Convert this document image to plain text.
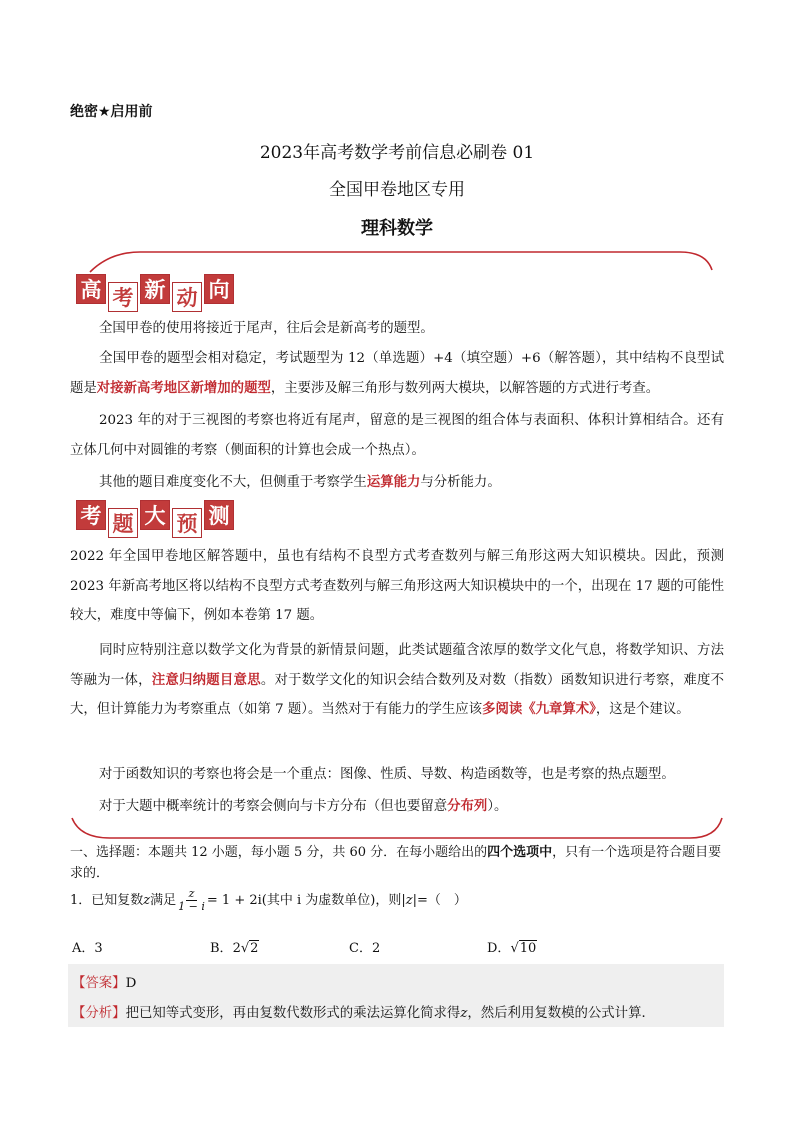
绝密★启用前
2023年高考数学考前信息必刷卷 01
全国甲卷地区专用
理科数学
高 考 新 动 向
全国甲卷的使用将接近于尾声，往后会是新高考的题型。
全国甲卷的题型会相对稳定，考试题型为 12（单选题）+4（填空题）+6（解答题），其中结构不良型试题是对接新高考地区新增加的题型，主要涉及解三角形与数列两大模块，以解答题的方式进行考查。
2023 年的对于三视图的考察也将近有尾声，留意的是三视图的组合体与表面积、体积计算相结合。还有立体几何中对圆锥的考察（侧面积的计算也会成一个热点）。
其他的题目难度变化不大，但侧重于考察学生运算能力与分析能力。
考 题 大 预 测
2022 年全国甲卷地区解答题中，虽也有结构不良型方式考查数列与解三角形这两大知识模块。因此，预测 2023 年新高考地区将以结构不良型方式考查数列与解三角形这两大知识模块中的一个，出现在 17 题的可能性较大，难度中等偏下，例如本卷第 17 题。
同时应特别注意以数学文化为背景的新情景问题，此类试题蕴含浓厚的数学文化气息，将数学知识、方法等融为一体，注意归纳题目意思。对于数学文化的知识会结合数列及对数（指数）函数知识进行考察，难度不大，但计算能力为考察重点（如第 7 题）。当然对于有能力的学生应该多阅读《九章算术》，这是个建议。
对于函数知识的考察也将会是一个重点：图像、性质、导数、构造函数等，也是考察的热点题型。
对于大题中概率统计的考察会侧向与卡方分布（但也要留意分布列）。
一、选择题：本题共 12 小题，每小题 5 分，共 60 分．在每小题给出的四个选项中，只有一个选项是符合题目要求的．
1．已知复数z满足 $\frac{z}{1 - i} = 1 + 2i$(其中 i 为虚数单位)，则|z|=（　）
A．3	B．2√2	C．2	D．√10
【答案】D
【分析】把已知等式变形，再由复数代数形式的乘法运算化简求得z，然后利用复数模的公式计算．
